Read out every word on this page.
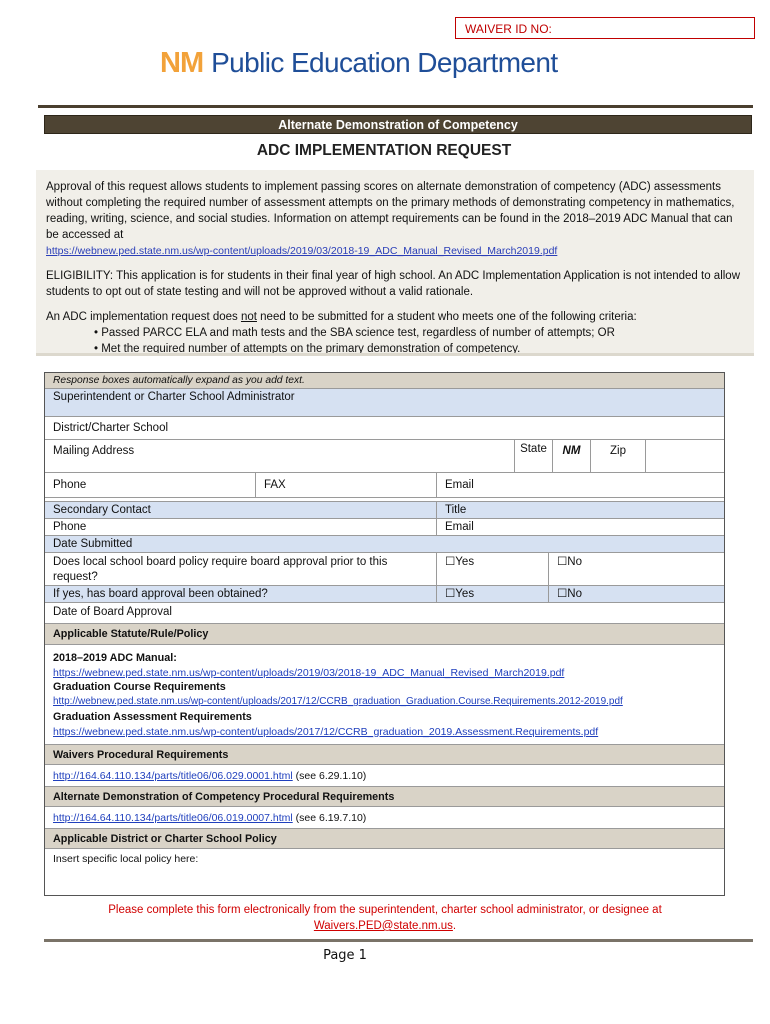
WAIVER ID NO:
NM Public Education Department
Alternate Demonstration of Competency
ADC IMPLEMENTATION REQUEST

Approval of this request allows students to implement passing scores on alternate demonstration of competency (ADC) assessments without completing the required number of assessment attempts on the primary methods of demonstrating competency in mathematics, reading, writing, science, and social studies. Information on attempt requirements can be found in the 2018–2019 ADC Manual that can be accessed at

https://webnew.ped.state.nm.us/wp-content/uploads/2019/03/2018-19_ADC_Manual_Revised_March2019.pdf

ELIGIBILITY: This application is for students in their final year of high school. An ADC Implementation Application is not intended to allow students to opt out of state testing and will not be approved without a valid rationale.

An ADC implementation request does not need to be submitted for a student who meets one of the following criteria:

• Passed PARCC ELA and math tests and the SBA science test, regardless of number of attempts; OR

• Met the required number of attempts on the primary demonstration of competency.

Response boxes automatically expand as you add text.
Superintendent or Charter School Administrator
District/Charter School
Mailing Address	State	NM	Zip
Phone	FAX	Email
Secondary Contact	Title
Phone	Email
Date Submitted
Does local school board policy require board approval prior to this request?
☐Yes	☐No
If yes, has board approval been obtained?	☐Yes	☐No
Date of Board Approval
Applicable Statute/Rule/Policy
2018–2019 ADC Manual:
https://webnew.ped.state.nm.us/wp-content/uploads/2019/03/2018-19_ADC_Manual_Revised_March2019.pdf
Graduation Course Requirements
http://webnew.ped.state.nm.us/wp-content/uploads/2017/12/CCRB_graduation_Graduation.Course.Requirements.2012-2019.pdf
Graduation Assessment Requirements
https://webnew.ped.state.nm.us/wp-content/uploads/2017/12/CCRB_graduation_2019.Assessment.Requirements.pdf
Waivers Procedural Requirements
http://164.64.110.134/parts/title06/06.029.0001.html (see 6.29.1.10)
Alternate Demonstration of Competency Procedural Requirements
http://164.64.110.134/parts/title06/06.019.0007.html (see 6.19.7.10)
Applicable District or Charter School Policy
Insert specific local policy here:
Please complete this form electronically from the superintendent, charter school administrator, or designee at
Waivers.PED@state.nm.us.
Page 1
